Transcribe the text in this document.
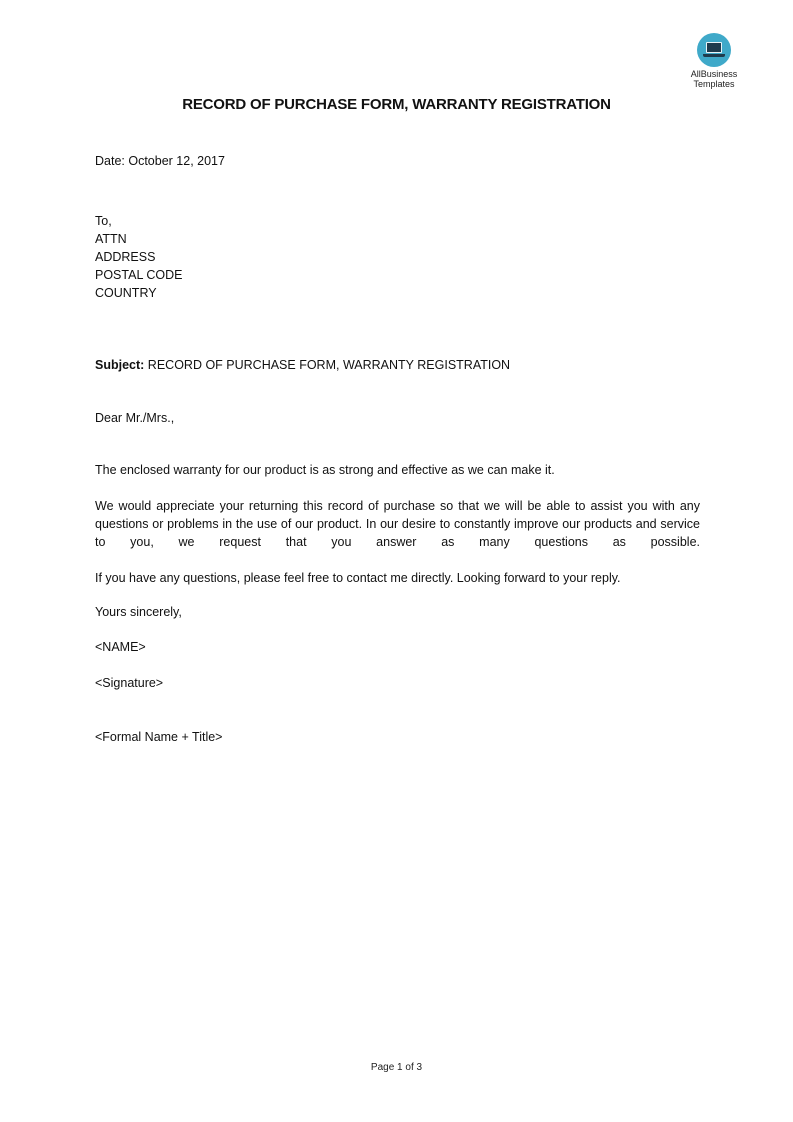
AllBusiness
Templates
RECORD OF PURCHASE FORM, WARRANTY REGISTRATION
Date: October 12, 2017
To,
ATTN
ADDRESS
POSTAL CODE
COUNTRY
Subject: RECORD OF PURCHASE FORM, WARRANTY REGISTRATION
Dear Mr./Mrs.,
The enclosed warranty for our product is as strong and effective as we can make it.
We would appreciate your returning this record of purchase so that we will be able to assist you with any questions or problems in the use of our product. In our desire to constantly improve our products and service to you, we request that you answer as many questions as possible.
If you have any questions, please feel free to contact me directly. Looking forward to your reply.
Yours sincerely,
<NAME>
<Signature>
<Formal Name + Title>
Page 1 of 3
